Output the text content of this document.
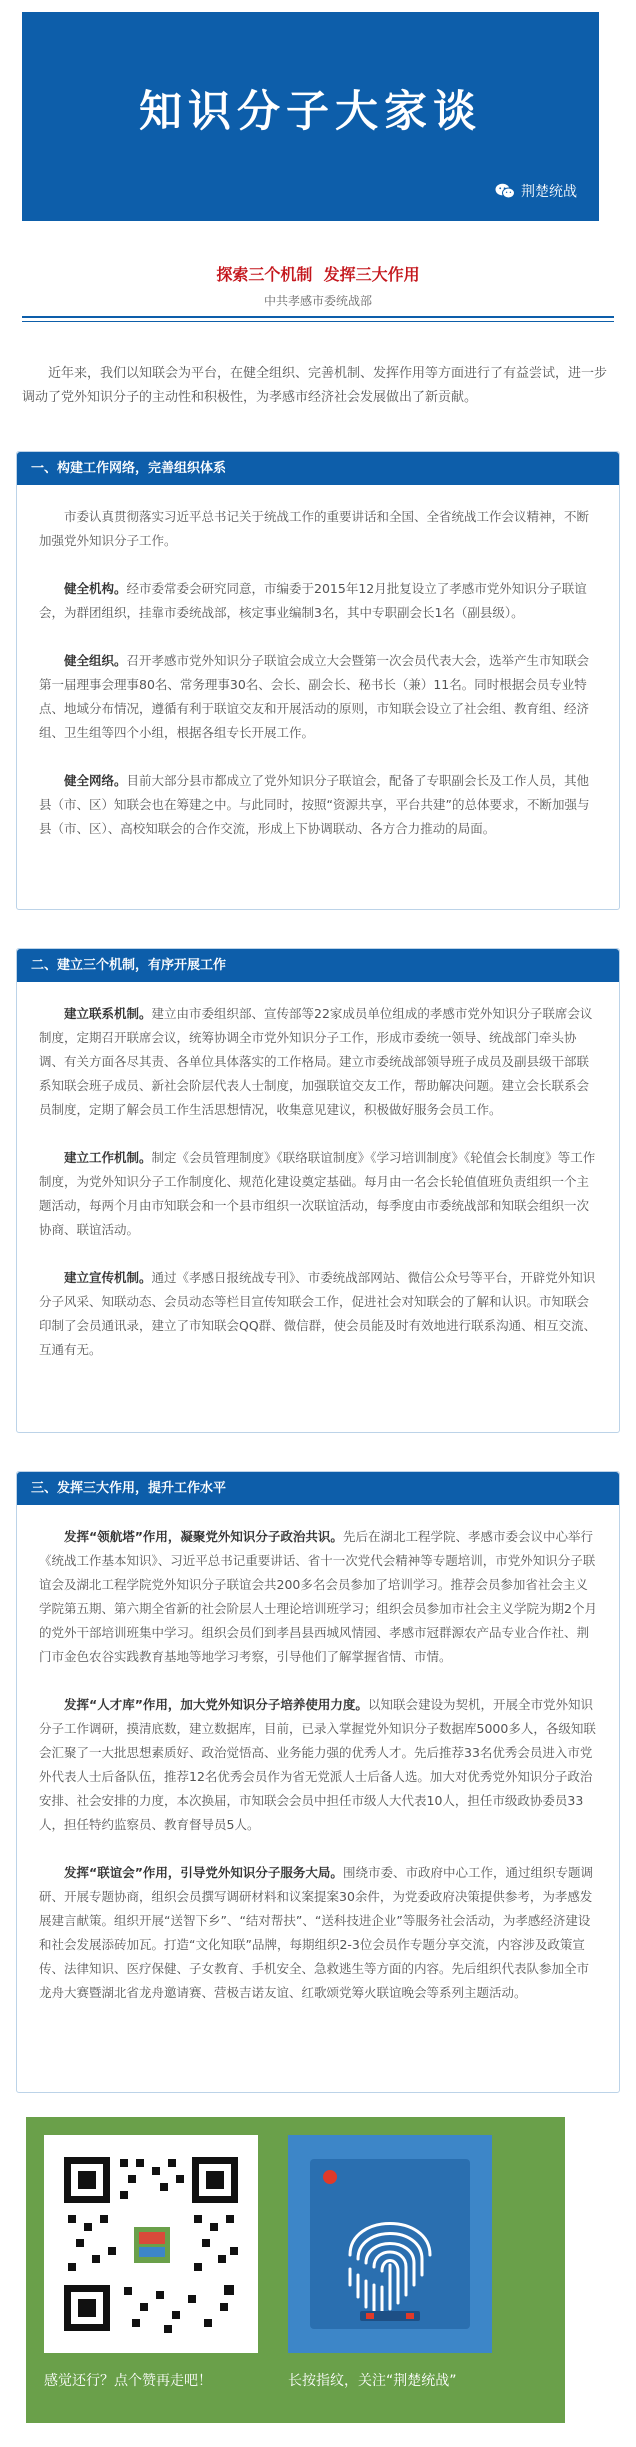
知识分子大家谈
荆楚统战
探索三个机制  发挥三大作用
中共孝感市委统战部

近年来，我们以知联会为平台，在健全组织、完善机制、发挥作用等方面进行了有益尝试，进一步调动了党外知识分子的主动性和积极性，为孝感市经济社会发展做出了新贡献。

一、构建工作网络，完善组织体系

市委认真贯彻落实习近平总书记关于统战工作的重要讲话和全国、全省统战工作会议精神，不断加强党外知识分子工作。

健全机构。经市委常委会研究同意，市编委于2015年12月批复设立了孝感市党外知识分子联谊会，为群团组织，挂靠市委统战部，核定事业编制3名，其中专职副会长1名（副县级）。

健全组织。召开孝感市党外知识分子联谊会成立大会暨第一次会员代表大会，选举产生市知联会第一届理事会理事80名、常务理事30名、会长、副会长、秘书长（兼）11名。同时根据会员专业特点、地域分布情况，遵循有利于联谊交友和开展活动的原则，市知联会设立了社会组、教育组、经济组、卫生组等四个小组，根据各组专长开展工作。

健全网络。目前大部分县市都成立了党外知识分子联谊会，配备了专职副会长及工作人员，其他县（市、区）知联会也在筹建之中。与此同时，按照“资源共享，平台共建”的总体要求，不断加强与县（市、区）、高校知联会的合作交流，形成上下协调联动、各方合力推动的局面。

二、建立三个机制，有序开展工作

建立联系机制。建立由市委组织部、宣传部等22家成员单位组成的孝感市党外知识分子联席会议制度，定期召开联席会议，统筹协调全市党外知识分子工作，形成市委统一领导、统战部门牵头协调、有关方面各尽其责、各单位具体落实的工作格局。建立市委统战部领导班子成员及副县级干部联系知联会班子成员、新社会阶层代表人士制度，加强联谊交友工作，帮助解决问题。建立会长联系会员制度，定期了解会员工作生活思想情况，收集意见建议，积极做好服务会员工作。

建立工作机制。制定《会员管理制度》《联络联谊制度》《学习培训制度》《轮值会长制度》等工作制度，为党外知识分子工作制度化、规范化建设奠定基础。每月由一名会长轮值值班负责组织一个主题活动，每两个月由市知联会和一个县市组织一次联谊活动，每季度由市委统战部和知联会组织一次协商、联谊活动。

建立宣传机制。通过《孝感日报统战专刊》、市委统战部网站、微信公众号等平台，开辟党外知识分子风采、知联动态、会员动态等栏目宣传知联会工作，促进社会对知联会的了解和认识。市知联会印制了会员通讯录，建立了市知联会QQ群、微信群，使会员能及时有效地进行联系沟通、相互交流、互通有无。

三、发挥三大作用，提升工作水平

发挥“领航塔”作用，凝聚党外知识分子政治共识。先后在湖北工程学院、孝感市委会议中心举行《统战工作基本知识》、习近平总书记重要讲话、省十一次党代会精神等专题培训，市党外知识分子联谊会及湖北工程学院党外知识分子联谊会共200多名会员参加了培训学习。推荐会员参加省社会主义学院第五期、第六期全省新的社会阶层人士理论培训班学习；组织会员参加市社会主义学院为期2个月的党外干部培训班集中学习。组织会员们到孝昌县西城风情园、孝感市冠群源农产品专业合作社、荆门市金色农谷实践教育基地等地学习考察，引导他们了解掌握省情、市情。

发挥“人才库”作用，加大党外知识分子培养使用力度。以知联会建设为契机，开展全市党外知识分子工作调研，摸清底数，建立数据库，目前，已录入掌握党外知识分子数据库5000多人，各级知联会汇聚了一大批思想素质好、政治觉悟高、业务能力强的优秀人才。先后推荐33名优秀会员进入市党外代表人士后备队伍，推荐12名优秀会员作为省无党派人士后备人选。加大对优秀党外知识分子政治安排、社会安排的力度，本次换届，市知联会会员中担任市级人大代表10人，担任市级政协委员33人，担任特约监察员、教育督导员5人。

发挥“联谊会”作用，引导党外知识分子服务大局。围绕市委、市政府中心工作，通过组织专题调研、开展专题协商，组织会员撰写调研材料和议案提案30余件，为党委政府决策提供参考，为孝感发展建言献策。组织开展“送智下乡”、“结对帮扶”、“送科技进企业”等服务社会活动，为孝感经济建设和社会发展添砖加瓦。打造“文化知联”品牌，每期组织2-3位会员作专题分享交流，内容涉及政策宣传、法律知识、医疗保健、子女教育、手机安全、急救逃生等方面的内容。先后组织代表队参加全市龙舟大赛暨湖北省龙舟邀请赛、营极吉诺友谊、红歌颂党筹火联谊晚会等系列主题活动。

感觉还行？点个赞再走吧！	长按指纹，关注“荆楚统战”
